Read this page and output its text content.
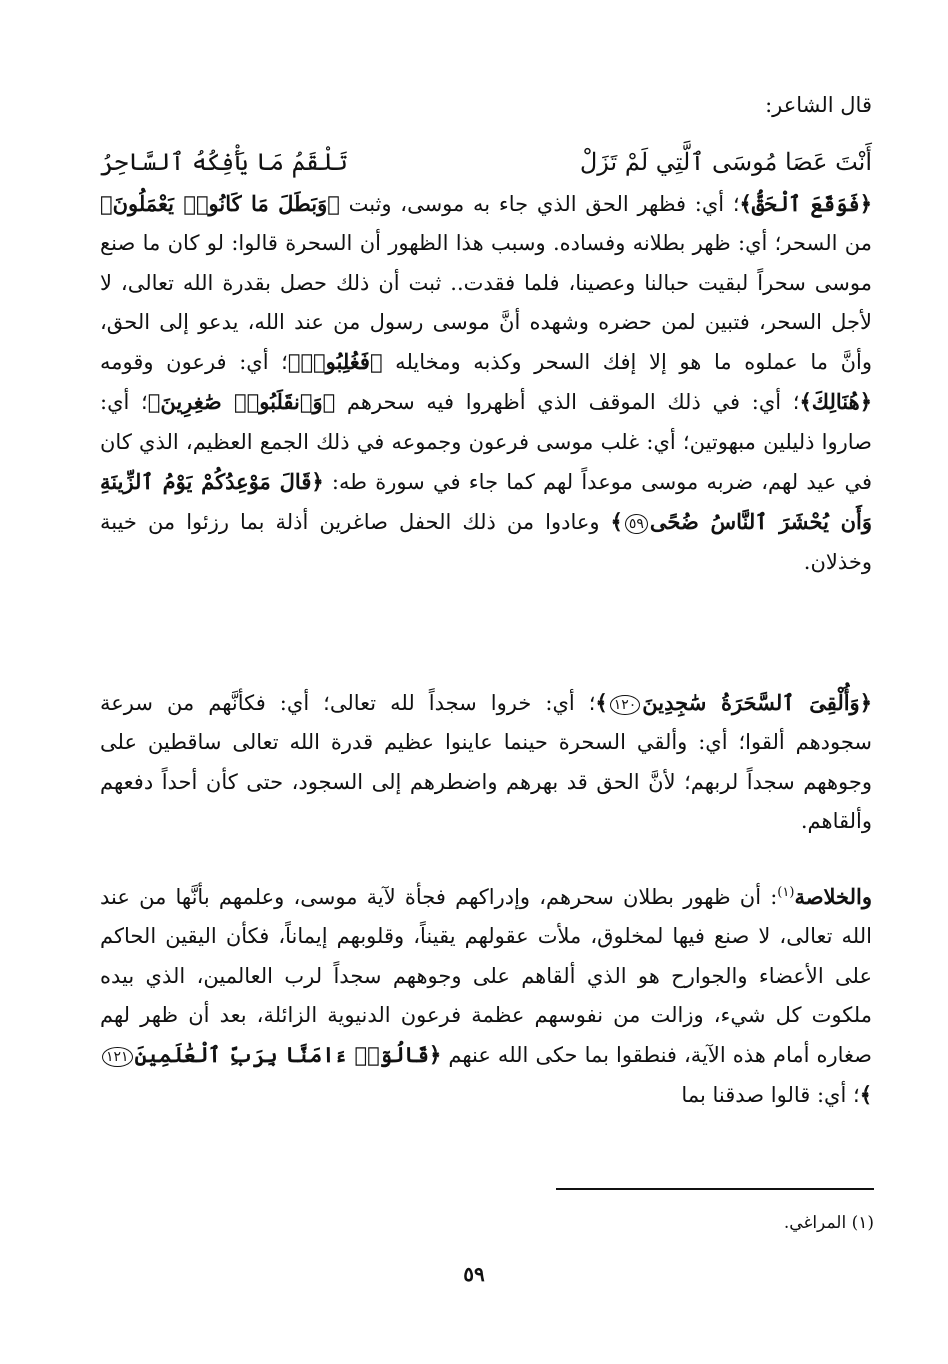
قال الشاعر:
أَنْتَ عَصَا مُوسَى ٱلَّتِي لَمْ تَزَلْ
تَلْقَمُ مَا يَأْفِكُهُ ٱلسَّاحِرُ
﴿فَوَقَعَ ٱلْحَقُّ﴾؛ أي: فظهر الحق الذي جاء به موسى، وثبت ﴿وَبَطَلَ مَا كَانُوا۟ يَعْمَلُونَ﴾ من السحر؛ أي: ظهر بطلانه وفساده. وسبب هذا الظهور أن السحرة قالوا: لو كان ما صنع موسى سحراً لبقيت حبالنا وعصينا، فلما فقدت.. ثبت أن ذلك حصل بقدرة الله تعالى، لا لأجل السحر، فتبين لمن حضره وشهده أنَّ موسى رسول من عند الله، يدعو إلى الحق، وأنَّ ما عملوه ما هو إلا إفك السحر وكذبه ومخايله ﴿فَغُلِبُوا۟﴾؛ أي: فرعون وقومه ﴿هُنَالِكَ﴾؛ أي: في ذلك الموقف الذي أظهروا فيه سحرهم ﴿وَٱنقَلَبُوا۟ صَٰغِرِينَ﴾؛ أي: صاروا ذليلين مبهوتين؛ أي: غلب موسى فرعون وجموعه في ذلك الجمع العظيم، الذي كان في عيد لهم، ضربه موسى موعداً لهم كما جاء في سورة طه: ﴿قَالَ مَوْعِدُكُمْ يَوْمُ ٱلزِّينَةِ وَأَن يُحْشَرَ ٱلنَّاسُ ضُحًى٥٩﴾ وعادوا من ذلك الحفل صاغرين أذلة بما رزئوا من خيبة وخذلان.
﴿وَأُلْقِىَ ٱلسَّحَرَةُ سَٰجِدِينَ١٢٠﴾؛ أي: خروا سجداً لله تعالى؛ أي: فكأنَّهم من سرعة سجودهم ألقوا؛ أي: وألقي السحرة حينما عاينوا عظيم قدرة الله تعالى ساقطين على وجوههم سجداً لربهم؛ لأنَّ الحق قد بهرهم واضطرهم إلى السجود، حتى كأن أحداً دفعهم وألقاهم.
والخلاصة$^{(١)}$: أن ظهور بطلان سحرهم، وإدراكهم فجأة لآية موسى، وعلمهم بأنَّها من عند الله تعالى، لا صنع فيها لمخلوق، ملأت عقولهم يقيناً، وقلوبهم إيماناً، فكأن اليقين الحاكم على الأعضاء والجوارح هو الذي ألقاهم على وجوههم سجداً لرب العالمين، الذي بيده ملكوت كل شيء، وزالت من نفوسهم عظمة فرعون الدنيوية الزائلة، بعد أن ظهر لهم صغاره أمام هذه الآية، فنطقوا بما حكى الله عنهم ﴿قَالُوٓا۟ ءَامَنَّا بِرَبِّ ٱلْعَٰلَمِينَ١٢١﴾؛ أي: قالوا صدقنا بما
(١) المراغي.
٥٩
